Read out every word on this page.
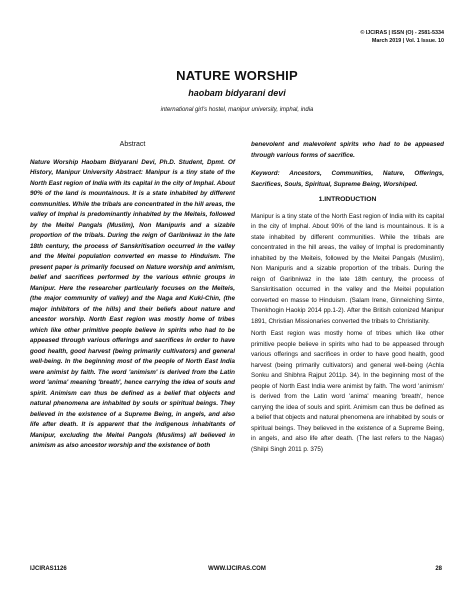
© IJCIRAS | ISSN (O) - 2581-5334
March 2019 | Vol. 1 Issue. 10
NATURE WORSHIP
haobam bidyarani devi
international girl's hostel, manipur university, imphal, india

Abstract

Nature Worship Haobam Bidyarani Devi, Ph.D. Student, Dpmt. Of History, Manipur University Abstract: Manipur is a tiny state of the North East region of India with its capital in the city of Imphal. About 90% of the land is mountainous. It is a state inhabited by different communities. While the tribals are concentrated in the hill areas, the valley of Imphal is predominantly inhabited by the Meiteis, followed by the Meitei Pangals (Muslim), Non Manipuris and a sizable proportion of the tribals. During the reign of Garibniwaz in the late 18th century, the process of Sanskritisation occurred in the valley and the Meitei population converted en masse to Hinduism. The present paper is primarily focused on Nature worship and animism, belief and sacrifices performed by the various ethnic groups in Manipur. Here the researcher particularly focuses on the Meiteis, (the major community of valley) and the Naga and Kuki-Chin, (the major inhibitors of the hills) and their beliefs about nature and ancestor worship. North East region was mostly home of tribes which like other primitive people believe in spirits who had to be appeased through various offerings and sacrifices in order to have good health, good harvest (being primarily cultivators) and general well-being. In the beginning most of the people of North East India were animist by faith. The word 'animism' is derived from the Latin word 'anima' meaning 'breath', hence carrying the idea of souls and spirit. Animism can thus be defined as a belief that objects and natural phenomena are inhabited by souls or spiritual beings. They believed in the existence of a Supreme Being, in angels, and also life after death. It is apparent that the indigenous inhabitants of Manipur, excluding the Meitei Pangols (Muslims) all believed in animism as also ancestor worship and the existence of both

benevolent and malevolent spirits who had to be appeased through various forms of sacrifice.

Keyword: Ancestors, Communities, Nature, Offerings, Sacrifices, Souls, Spiritual, Supreme Being, Worshiped.

1.INTRODUCTION

Manipur is a tiny state of the North East region of India with its capital in the city of Imphal. About 90% of the land is mountainous. It is a state inhabited by different communities. While the tribals are concentrated in the hill areas, the valley of Imphal is predominantly inhabited by the Meiteis, followed by the Meitei Pangals (Muslim), Non Manipuris and a sizable proportion of the tribals. During the reign of Garibniwaz in the late 18th century, the process of Sanskritisation occurred in the valley and the Meitei population converted en masse to Hinduism. (Salam Irene, Ginneiching Simte, Thenkhogin Haokip 2014 pp.1-2). After the British colonized Manipur 1891, Christian Missionaries converted the tribals to Christianity.

North East region was mostly home of tribes which like other primitive people believe in spirits who had to be appeased through various offerings and sacrifices in order to have good health, good harvest (being primarily cultivators) and general well-being (Achla Sonku and Shibhra Rajput 2011p. 34). In the beginning most of the people of North East India were animist by faith. The word 'animism' is derived from the Latin word 'anima' meaning 'breath', hence carrying the idea of souls and spirit. Animism can thus be defined as a belief that objects and natural phenomena are inhabited by souls or spiritual beings. They believed in the existence of a Supreme Being, in angels, and also life after death. (The last refers to the Nagas) (Shilpi Singh 2011 p. 375)

IJCIRAS1126	WWW.IJCIRAS.COM	28
